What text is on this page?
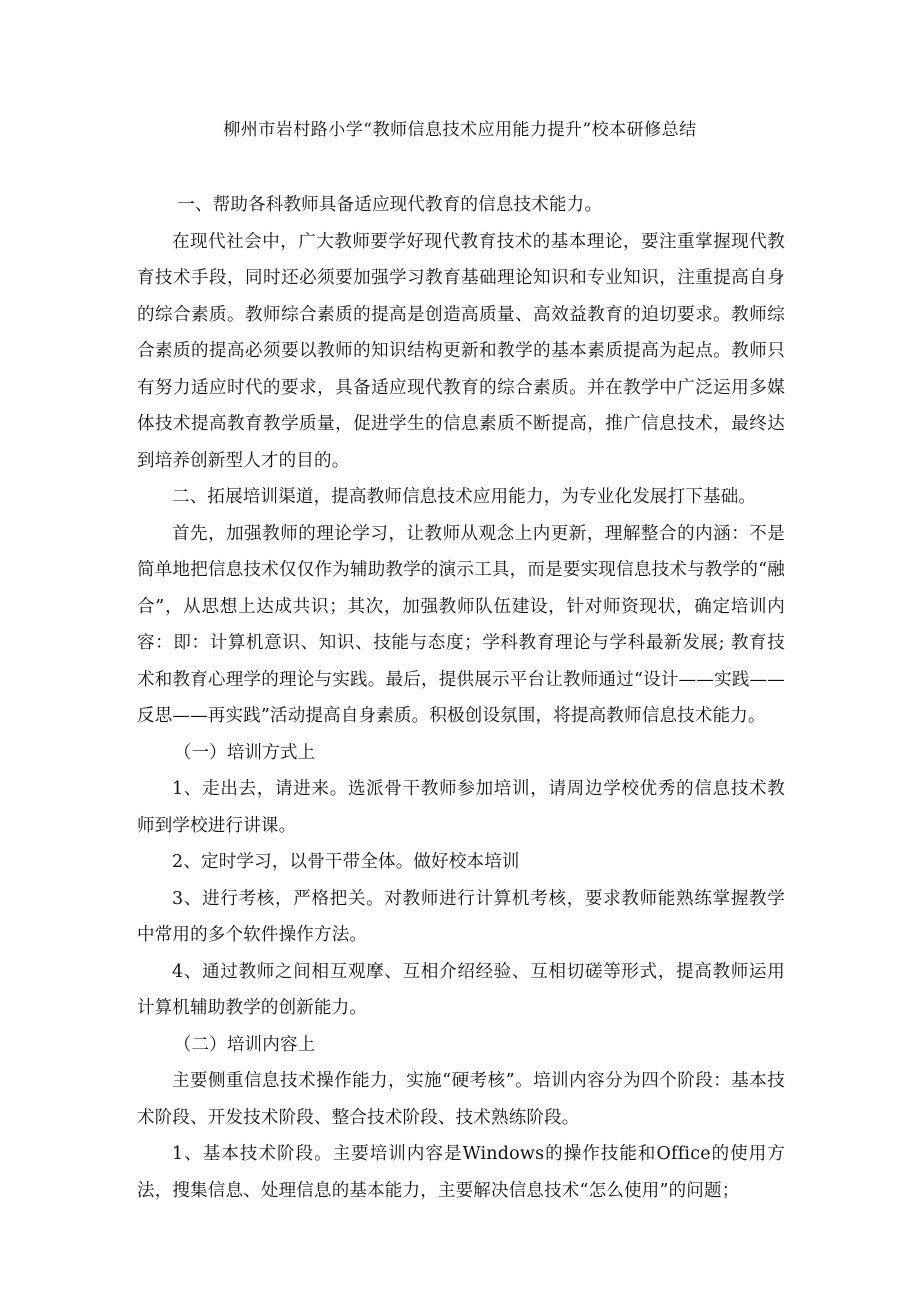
柳州市岩村路小学“教师信息技术应用能力提升”校本研修总结

一、帮助各科教师具备适应现代教育的信息技术能力。

在现代社会中，广大教师要学好现代教育技术的基本理论，要注重掌握现代教育技术手段，同时还必须要加强学习教育基础理论知识和专业知识，注重提高自身的综合素质。教师综合素质的提高是创造高质量、高效益教育的迫切要求。教师综合素质的提高必须要以教师的知识结构更新和教学的基本素质提高为起点。教师只有努力适应时代的要求，具备适应现代教育的综合素质。并在教学中广泛运用多媒体技术提高教育教学质量，促进学生的信息素质不断提高，推广信息技术，最终达到培养创新型人才的目的。

二、拓展培训渠道，提高教师信息技术应用能力，为专业化发展打下基础。

首先，加强教师的理论学习，让教师从观念上内更新，理解整合的内涵：不是简单地把信息技术仅仅作为辅助教学的演示工具，而是要实现信息技术与教学的“融合”，从思想上达成共识；其次，加强教师队伍建设，针对师资现状，确定培训内容：即：计算机意识、知识、技能与态度；学科教育理论与学科最新发展; 教育技术和教育心理学的理论与实践。最后，提供展示平台让教师通过“设计——实践——反思——再实践”活动提高自身素质。积极创设氛围，将提高教师信息技术能力。

（一）培训方式上

1、走出去，请进来。选派骨干教师参加培训，请周边学校优秀的信息技术教师到学校进行讲课。

2、定时学习，以骨干带全体。做好校本培训

3、进行考核，严格把关。对教师进行计算机考核，要求教师能熟练掌握教学中常用的多个软件操作方法。

4、通过教师之间相互观摩、互相介绍经验、互相切磋等形式，提高教师运用计算机辅助教学的创新能力。

（二）培训内容上

主要侧重信息技术操作能力，实施“硬考核”。培训内容分为四个阶段：基本技术阶段、开发技术阶段、整合技术阶段、技术熟练阶段。

1、基本技术阶段。主要培训内容是Windows的操作技能和Office的使用方法，搜集信息、处理信息的基本能力，主要解决信息技术“怎么使用”的问题；
